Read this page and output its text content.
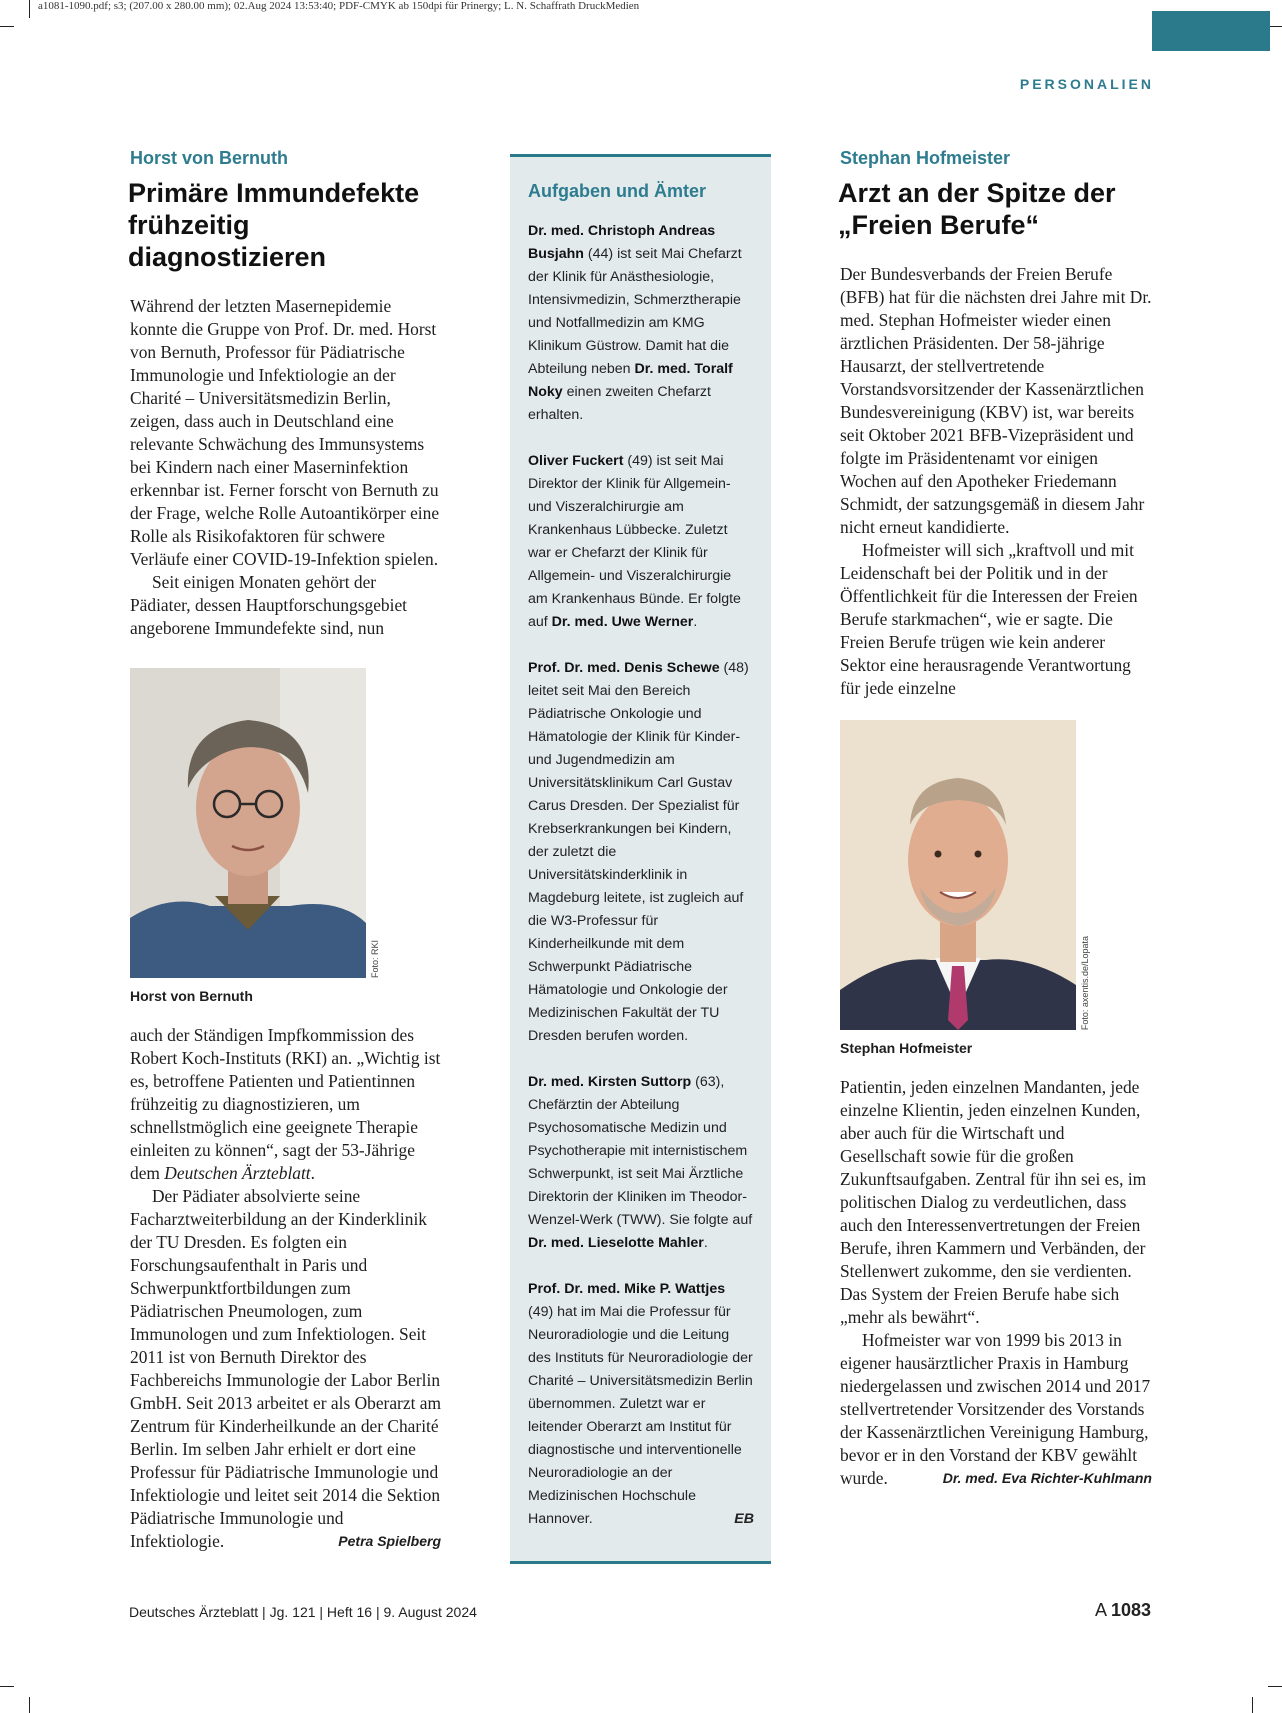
a1081-1090.pdf; s3; (207.00 x 280.00 mm); 02.Aug 2024 13:53:40; PDF-CMYK ab 150dpi für Prinergy; L. N. Schaffrath DruckMedien
PERSONALIEN
Horst von Bernuth
Primäre Immundefekte
frühzeitig diagnostizieren

Während der letzten Masernepidemie konnte die Gruppe von Prof. Dr. med. Horst von Bernuth, Professor für Pädiatrische Immunologie und Infektiologie an der Charité – Universitätsmedizin Berlin, zeigen, dass auch in Deutschland eine relevante Schwächung des Immunsystems bei Kindern nach einer Maserninfektion erkennbar ist. Ferner forscht von Bernuth zu der Frage, welche Rolle Autoantikörper eine Rolle als Risikofaktoren für schwere Verläufe einer COVID-19-Infektion spielen.

Seit einigen Monaten gehört der Pädiater, dessen Hauptforschungsgebiet angeborene Immundefekte sind, nun

Foto: RKI
Horst von Bernuth

auch der Ständigen Impfkommission des Robert Koch-Instituts (RKI) an. „Wichtig ist es, betroffene Patienten und Patientinnen frühzeitig zu diagnostizieren, um schnellstmöglich eine geeignete Therapie einleiten zu können“, sagt der 53-Jährige dem Deutschen Ärzteblatt.

Der Pädiater absolvierte seine Facharztweiterbildung an der Kinderklinik der TU Dresden. Es folgten ein Forschungsaufenthalt in Paris und Schwerpunktfortbildungen zum Pädiatrischen Pneumologen, zum Immunologen und zum Infektiologen. Seit 2011 ist von Bernuth Direktor des Fachbereichs Immunologie der Labor Berlin GmbH. Seit 2013 arbeitet er als Oberarzt am Zentrum für Kinderheilkunde an der Charité Berlin. Im selben Jahr erhielt er dort eine Professur für Pädiatrische Immunologie und Infektiologie und leitet seit 2014 die Sektion Pädiatrische Immunologie und Infektiologie.	Petra Spielberg

Aufgaben und Ämter
Dr. med. Christoph Andreas Busjahn (44) ist seit Mai Chefarzt der Klinik für Anästhesiologie, Intensivmedizin, Schmerztherapie und Notfallmedizin am KMG Klinikum Güstrow. Damit hat die Abteilung neben Dr. med. Toralf Noky einen zweiten Chefarzt erhalten.
Oliver Fuckert (49) ist seit Mai Direktor der Klinik für Allgemein- und Viszeralchirurgie am Krankenhaus Lübbecke. Zuletzt war er Chefarzt der Klinik für Allgemein- und Viszeralchirurgie am Krankenhaus Bünde. Er folgte auf Dr. med. Uwe Werner.
Prof. Dr. med. Denis Schewe (48) leitet seit Mai den Bereich Pädiatrische Onkologie und Hämatologie der Klinik für Kinder- und Jugendmedizin am Universitätsklinikum Carl Gustav Carus Dresden. Der Spezialist für Krebserkrankungen bei Kindern, der zuletzt die Universitätskinderklinik in Magdeburg leitete, ist zugleich auf die W3-Professur für Kinderheilkunde mit dem Schwerpunkt Pädiatrische Hämatologie und Onkologie der Medizinischen Fakultät der TU Dresden berufen worden.
Dr. med. Kirsten Suttorp (63), Chefärztin der Abteilung Psychosomatische Medizin und Psychotherapie mit internistischem Schwerpunkt, ist seit Mai Ärztliche Direktorin der Kliniken im Theodor-Wenzel-Werk (TWW). Sie folgte auf Dr. med. Lieselotte Mahler.
Prof. Dr. med. Mike P. Wattjes (49) hat im Mai die Professur für Neuroradiologie und die Leitung des Instituts für Neuroradiologie der Charité – Universitätsmedizin Berlin übernommen. Zuletzt war er leitender Oberarzt am Institut für diagnostische und interventionelle Neuroradiologie an der Medizinischen Hochschule Hannover.	EB
Stephan Hofmeister
Arzt an der Spitze der
„Freien Berufe“

Der Bundesverbands der Freien Berufe (BFB) hat für die nächsten drei Jahre mit Dr. med. Stephan Hofmeister wieder einen ärztlichen Präsidenten. Der 58-jährige Hausarzt, der stellvertretende Vorstandsvorsitzender der Kassenärztlichen Bundesvereinigung (KBV) ist, war bereits seit Oktober 2021 BFB-Vizepräsident und folgte im Präsidentenamt vor einigen Wochen auf den Apotheker Friedemann Schmidt, der satzungsgemäß in diesem Jahr nicht erneut kandidierte.

Hofmeister will sich „kraftvoll und mit Leidenschaft bei der Politik und in der Öffentlichkeit für die Interessen der Freien Berufe starkmachen“, wie er sagte. Die Freien Berufe trügen wie kein anderer Sektor eine herausragende Verantwortung für jede einzelne

Foto: axentis.de/Lopata
Stephan Hofmeister

Patientin, jeden einzelnen Mandanten, jede einzelne Klientin, jeden einzelnen Kunden, aber auch für die Wirtschaft und Gesellschaft sowie für die großen Zukunftsaufgaben. Zentral für ihn sei es, im politischen Dialog zu verdeutlichen, dass auch den Interessenvertretungen der Freien Berufe, ihren Kammern und Verbänden, der Stellenwert zukomme, den sie verdienten. Das System der Freien Berufe habe sich „mehr als bewährt“.

Hofmeister war von 1999 bis 2013 in eigener hausärztlicher Praxis in Hamburg niedergelassen und zwischen 2014 und 2017 stellvertretender Vorsitzender des Vorstands der Kassenärztlichen Vereinigung Hamburg, bevor er in den Vorstand der KBV gewählt wurde.	Dr. med. Eva Richter-Kuhlmann

Deutsches Ärzteblatt | Jg. 121 | Heft 16 | 9. August 2024	A 1083
